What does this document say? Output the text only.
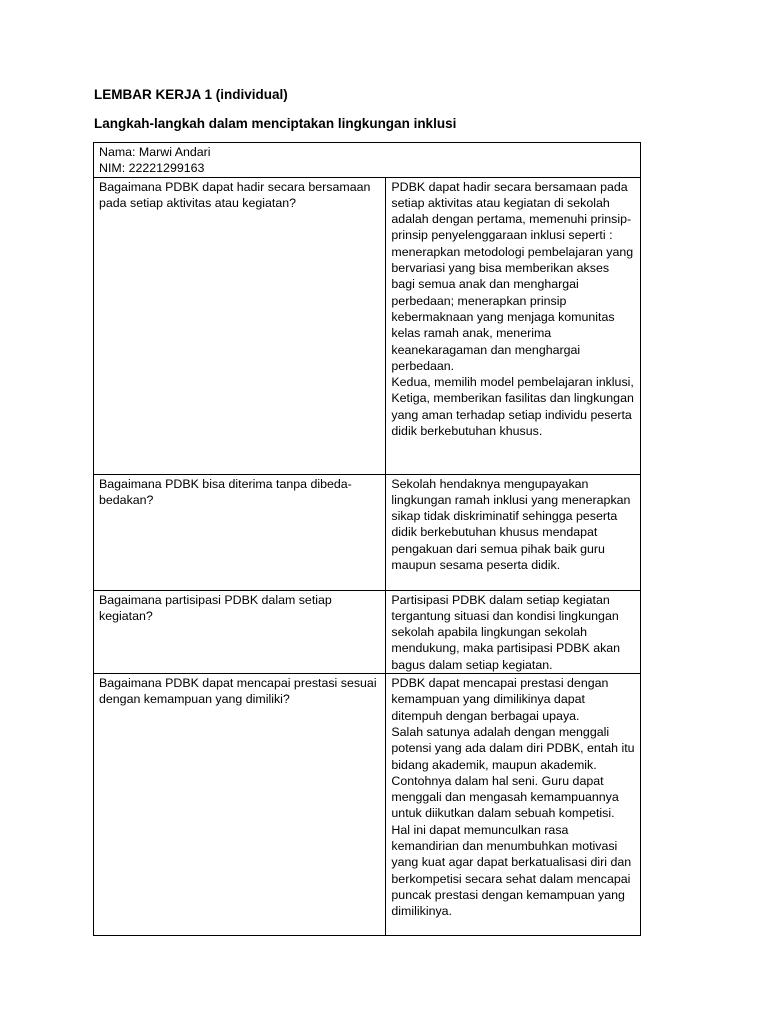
LEMBAR KERJA 1 (individual)

Langkah-langkah dalam menciptakan lingkungan inklusi

Nama: Marwi Andari
NIM: 22221299163	

Bagaimana PDBK dapat hadir secara bersamaan pada setiap aktivitas atau kegiatan?	PDBK dapat hadir secara bersamaan pada setiap aktivitas atau kegiatan di sekolah adalah dengan pertama, memenuhi prinsip-prinsip penyelenggaraan inklusi seperti : menerapkan metodologi pembelajaran yang bervariasi yang bisa memberikan akses bagi semua anak dan menghargai perbedaan; menerapkan prinsip kebermaknaan yang menjaga komunitas kelas ramah anak, menerima keanekaragaman dan menghargai perbedaan.
Kedua, memilih model pembelajaran inklusi,
Ketiga, memberikan fasilitas dan lingkungan yang aman terhadap setiap individu peserta didik berkebutuhan khusus.
Bagaimana PDBK bisa diterima tanpa dibeda-bedakan?	Sekolah hendaknya mengupayakan lingkungan ramah inklusi yang menerapkan sikap tidak diskriminatif sehingga peserta didik berkebutuhan khusus mendapat pengakuan dari semua pihak baik guru maupun sesama peserta didik.
Bagaimana partisipasi PDBK dalam setiap kegiatan?	Partisipasi PDBK dalam setiap kegiatan tergantung situasi dan kondisi lingkungan sekolah apabila lingkungan sekolah mendukung, maka partisipasi PDBK akan bagus dalam setiap kegiatan.
Bagaimana PDBK dapat mencapai prestasi sesuai dengan kemampuan yang dimiliki?	PDBK dapat mencapai prestasi dengan kemampuan yang dimilikinya dapat ditempuh dengan berbagai upaya.
Salah satunya adalah dengan menggali potensi yang ada dalam diri PDBK, entah itu bidang akademik, maupun akademik. Contohnya dalam hal seni. Guru dapat menggali dan mengasah kemampuannya untuk diikutkan dalam sebuah kompetisi. Hal ini dapat memunculkan rasa kemandirian dan menumbuhkan motivasi yang kuat agar dapat berkatualisasi diri dan berkompetisi secara sehat dalam mencapai puncak prestasi dengan kemampuan yang dimilikinya.
